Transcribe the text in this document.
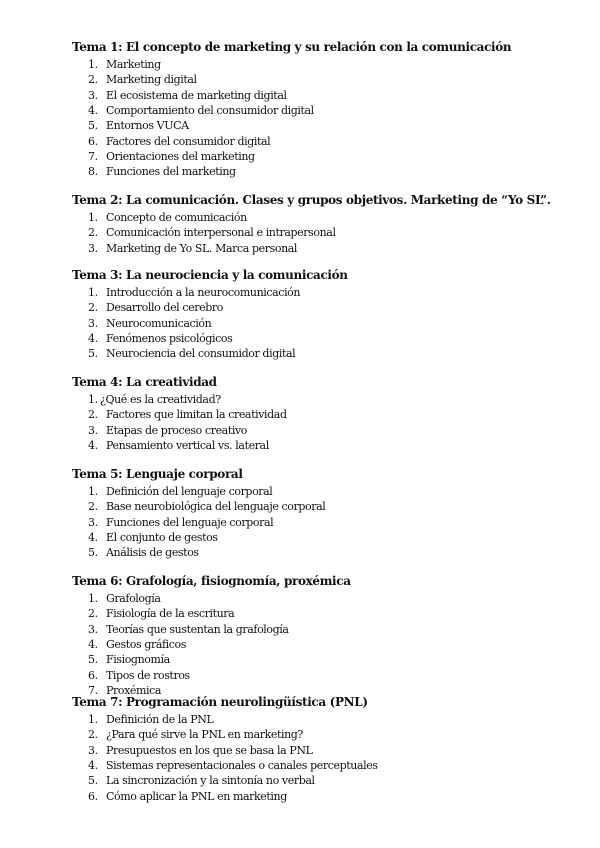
Tema 1: El concepto de marketing y su relación con la comunicación
1. Marketing
2. Marketing digital
3. El ecosistema de marketing digital
4. Comportamiento del consumidor digital
5. Entornos VUCA
6. Factores del consumidor digital
7. Orientaciones del marketing
8. Funciones del marketing
Tema 2: La comunicación. Clases y grupos objetivos. Marketing de “Yo SL”.
1. Concepto de comunicación
2. Comunicación interpersonal e intrapersonal
3. Marketing de Yo SL. Marca personal
Tema 3: La neurociencia y la comunicación
1. Introducción a la neurocomunicación
2. Desarrollo del cerebro
3. Neurocomunicación
4. Fenómenos psicológicos
5. Neurociencia del consumidor digital
Tema 4: La creatividad
1. ¿Qué es la creatividad?
2. Factores que limitan la creatividad
3. Etapas de proceso creativo
4. Pensamiento vertical vs. lateral
Tema 5: Lenguaje corporal
1. Definición del lenguaje corporal
2. Base neurobiológica del lenguaje corporal
3. Funciones del lenguaje corporal
4. El conjunto de gestos
5. Análisis de gestos
Tema 6: Grafología, fisiognomía, proxémica
1. Grafología
2. Fisiología de la escritura
3. Teorías que sustentan la grafología
4. Gestos gráficos
5. Fisiognomía
6. Tipos de rostros
7. Proxémica
Tema 7: Programación neurolingüística (PNL)
1. Definición de la PNL
2. ¿Para qué sirve la PNL en marketing?
3. Presupuestos en los que se basa la PNL
4. Sistemas representacionales o canales perceptuales
5. La sincronización y la sintonía no verbal
6. Cómo aplicar la PNL en marketing
